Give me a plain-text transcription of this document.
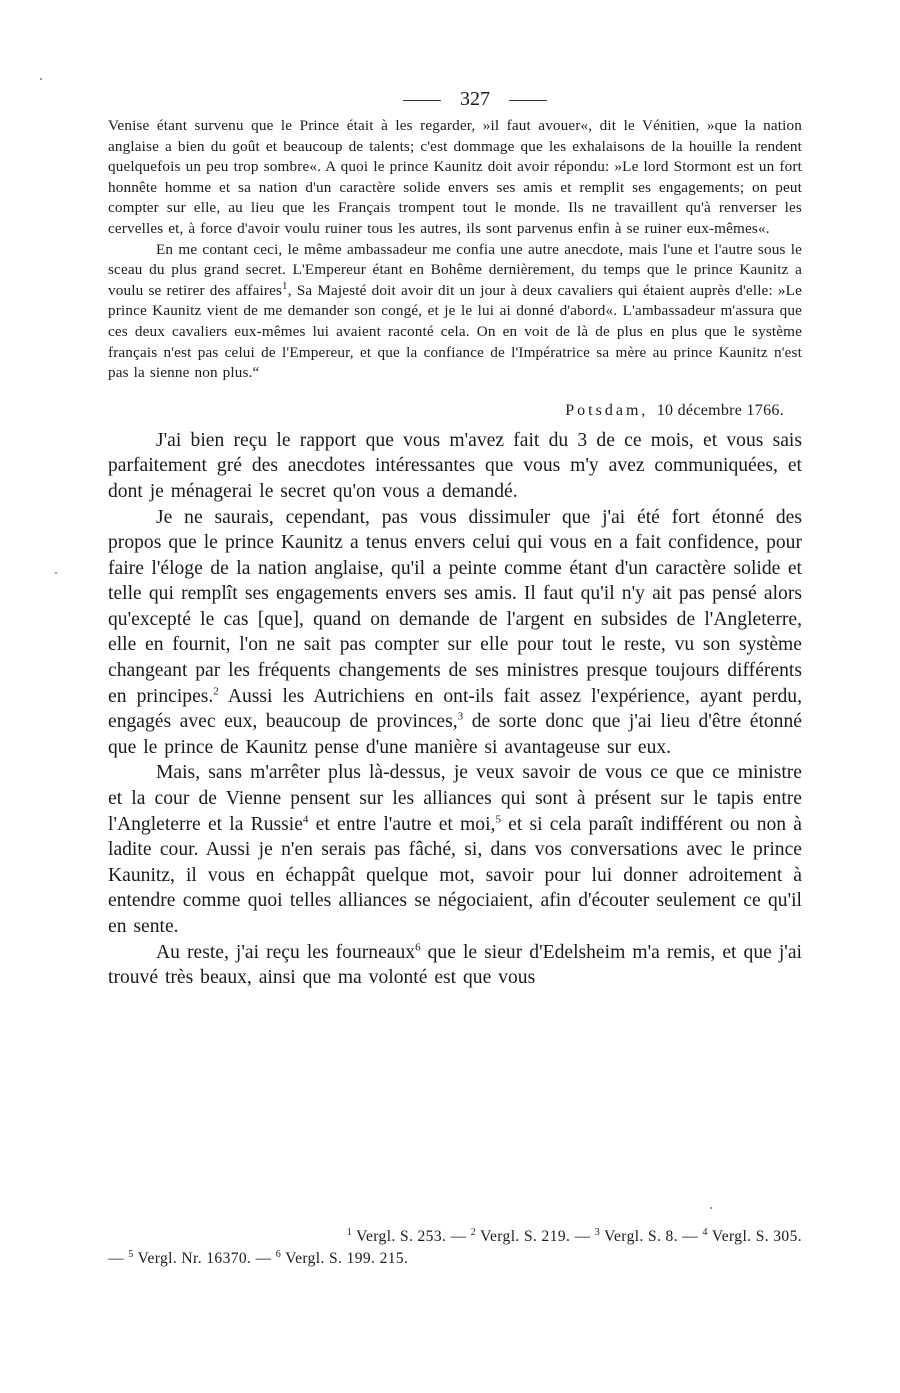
327

Venise étant survenu que le Prince était à les regarder, »il faut avouer«, dit le Vénitien, »que la nation anglaise a bien du goût et beaucoup de talents; c'est dommage que les exhalaisons de la houille la rendent quelquefois un peu trop sombre«. A quoi le prince Kaunitz doit avoir répondu: »Le lord Stormont est un fort honnête homme et sa nation d'un caractère solide envers ses amis et remplit ses engagements; on peut compter sur elle, au lieu que les Français trompent tout le monde. Ils ne travaillent qu'à renverser les cervelles et, à force d'avoir voulu ruiner tous les autres, ils sont parvenus enfin à se ruiner eux-mêmes«.

En me contant ceci, le même ambassadeur me confia une autre anecdote, mais l'une et l'autre sous le sceau du plus grand secret. L'Empereur étant en Bohême dernièrement, du temps que le prince Kaunitz a voulu se retirer des affaires$^1$, Sa Majesté doit avoir dit un jour à deux cavaliers qui étaient auprès d'elle: »Le prince Kaunitz vient de me demander son congé, et je le lui ai donné d'abord«. L'ambassadeur m'assura que ces deux cavaliers eux-mêmes lui avaient raconté cela. On en voit de là de plus en plus que le système français n'est pas celui de l'Empereur, et que la confiance de l'Impératrice sa mère au prince Kaunitz n'est pas la sienne non plus.“

Potsdam, 10 décembre 1766.

J'ai bien reçu le rapport que vous m'avez fait du 3 de ce mois, et vous sais parfaitement gré des anecdotes intéressantes que vous m'y avez communiquées, et dont je ménagerai le secret qu'on vous a demandé.

Je ne saurais, cependant, pas vous dissimuler que j'ai été fort étonné des propos que le prince Kaunitz a tenus envers celui qui vous en a fait confidence, pour faire l'éloge de la nation anglaise, qu'il a peinte comme étant d'un caractère solide et telle qui remplît ses engagements envers ses amis. Il faut qu'il n'y ait pas pensé alors qu'excepté le cas [que], quand on demande de l'argent en subsides de l'Angleterre, elle en fournit, l'on ne sait pas compter sur elle pour tout le reste, vu son système changeant par les fréquents changements de ses ministres presque toujours différents en principes.$^2$ Aussi les Autrichiens en ont-ils fait assez l'expérience, ayant perdu, engagés avec eux, beaucoup de provinces,$^3$ de sorte donc que j'ai lieu d'être étonné que le prince de Kaunitz pense d'une manière si avantageuse sur eux.

Mais, sans m'arrêter plus là-dessus, je veux savoir de vous ce que ce ministre et la cour de Vienne pensent sur les alliances qui sont à présent sur le tapis entre l'Angleterre et la Russie$^4$ et entre l'autre et moi,$^5$ et si cela paraît indifférent ou non à ladite cour. Aussi je n'en serais pas fâché, si, dans vos conversations avec le prince Kaunitz, il vous en échappât quelque mot, savoir pour lui donner adroitement à entendre comme quoi telles alliances se négociaient, afin d'écouter seulement ce qu'il en sente.

Au reste, j'ai reçu les fourneaux$^6$ que le sieur d'Edelsheim m'a remis, et que j'ai trouvé très beaux, ainsi que ma volonté est que vous

$^1$ Vergl. S. 253. — $^2$ Vergl. S. 219. — $^3$ Vergl. S. 8. — $^4$ Vergl. S. 305.
— $^5$ Vergl. Nr. 16370. — $^6$ Vergl. S. 199. 215.
